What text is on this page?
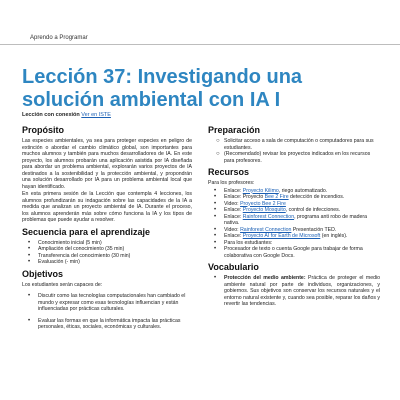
Aprendo a Programar
Lección 37: Investigando una solución ambiental con IA I
Lección con conexión Ver en ISTE
Propósito

Las especies ambientales, ya sea para proteger especies en peligro de extinción o abordar el cambio climático global, son importantes para muchos alumnos y también para muchos desarrolladores de IA. En este proyecto, los alumnos probarán una aplicación asistida por IA diseñada para abordar un problema ambiental, explorarán varios proyectos de IA destinados a la sostenibilidad y la protección ambiental, y propondrán una solución desarrollado por IA para un problema ambiental local que hayan identificado.

En esta primera sesión de la Lección que contempla 4 lecciones, los alumnos profundizarán su indagación sobre las capacidades de la IA a medida que analizan un proyecto ambiental de IA. Durante el proceso, los alumnos aprenderán más sobre cómo funciona la IA y los tipos de problemas que puede ayudar a resolver.

Secuencia para el aprendizaje
• Conocimiento inicial (5 min)
• Ampliación del conocimiento (35 min)
• Transferencia del conocimiento (30 min)
• Evaluación (- min)
Objetivos

Los estudiantes serán capaces de:

• Discutir como las tecnologías computacionales han cambiado el mundo y expresar como esas tecnologías influencian y están influenciadas por prácticas culturales.
• Evaluar las formas en que la informática impacta las prácticas personales, éticas, sociales, económicas y culturales.
Preparación
○ Solicitar acceso a sala de computación o computadores para sus estudiantes.
○ (Recomendado) revisar los proyectos indicados en los recursos para profesores.
Recursos

Para los profesores:

• Enlace: Proyecto Kilimo, riego automatizado.
• Enlace: Proyecto Bee 2 Fire detección de incendios.
• Video: Proyecto Bee 2 Fire
• Enlace: Proyecto Mosquito, control de infecciones.
• Enlace: Rainforest Connection, programa anti robo de madera nativa.
• Video: Rainforest Connection Presentación TED.
• Enlace: Proyecto AI for Earth de Microsoft (en inglés).
• Para los estudiantes:
• Procesador de texto o cuenta Google para trabajar de forma colaborativa con Google Docs.
Vocabulario
• Protección del medio ambiente: Práctica de proteger el medio ambiente natural por parte de individuos, organizaciones, y gobiernos. Sus objetivos son conservar los recursos naturales y el entorno natural existente y, cuando sea posible, reparar los daños y revertir las tendencias.
